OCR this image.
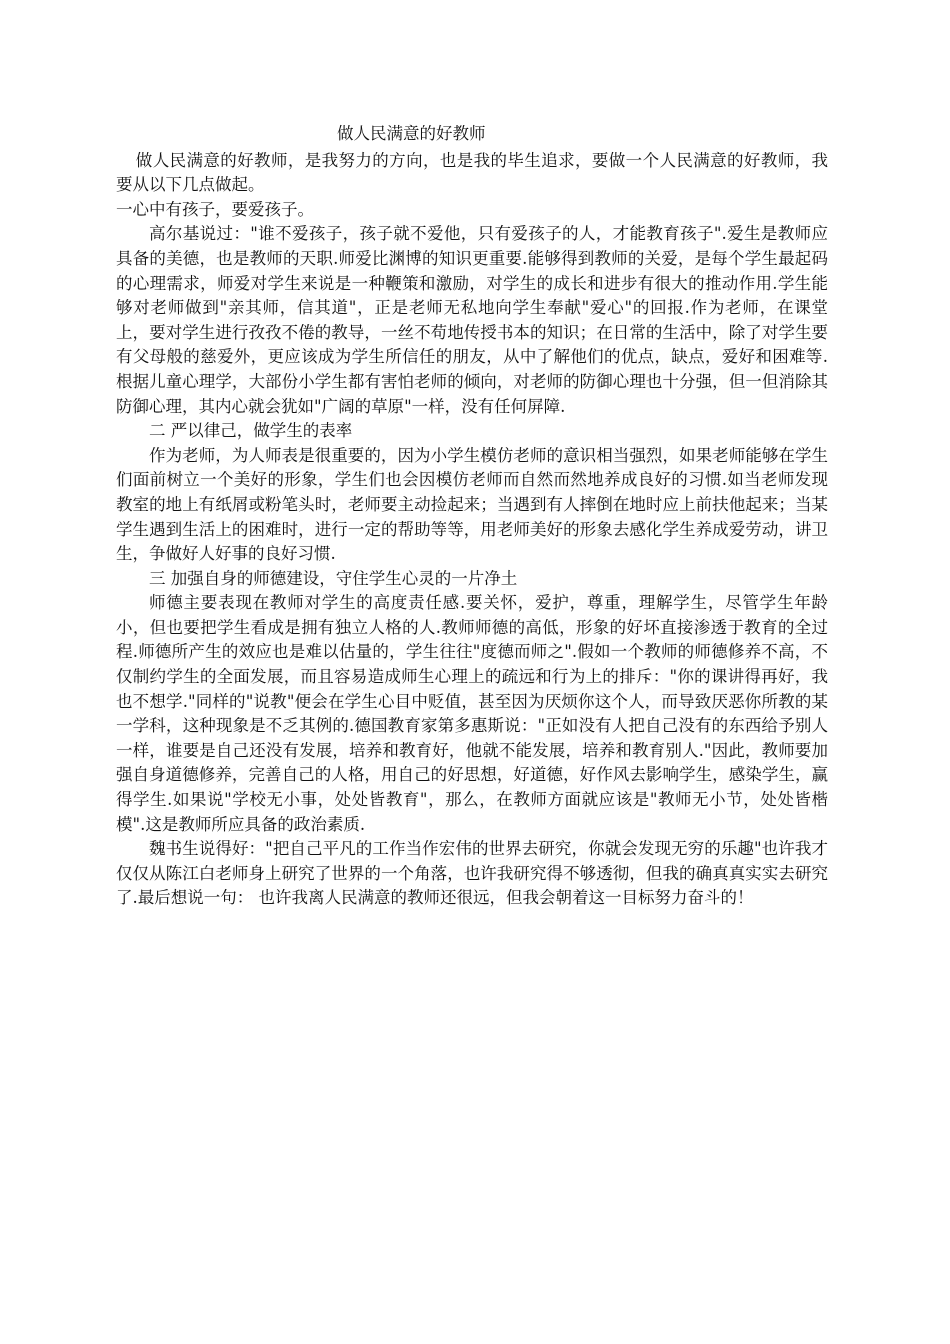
做人民满意的好教师

做人民满意的好教师，是我努力的方向，也是我的毕生追求，要做一个人民满意的好教师，我要从以下几点做起。

一心中有孩子，要爱孩子。

高尔基说过："谁不爱孩子，孩子就不爱他，只有爱孩子的人，才能教育孩子".爱生是教师应具备的美德，也是教师的天职.师爱比渊博的知识更重要.能够得到教师的关爱，是每个学生最起码的心理需求，师爱对学生来说是一种鞭策和激励，对学生的成长和进步有很大的推动作用.学生能够对老师做到"亲其师，信其道"，正是老师无私地向学生奉献"爱心"的回报.作为老师，在课堂上，要对学生进行孜孜不倦的教导，一丝不苟地传授书本的知识；在日常的生活中，除了对学生要有父母般的慈爱外，更应该成为学生所信任的朋友，从中了解他们的优点，缺点，爱好和困难等.根据儿童心理学，大部份小学生都有害怕老师的倾向，对老师的防御心理也十分强，但一但消除其防御心理，其内心就会犹如"广阔的草原"一样，没有任何屏障.

二 严以律己，做学生的表率

作为老师，为人师表是很重要的，因为小学生模仿老师的意识相当强烈，如果老师能够在学生们面前树立一个美好的形象，学生们也会因模仿老师而自然而然地养成良好的习惯.如当老师发现教室的地上有纸屑或粉笔头时，老师要主动捡起来；当遇到有人摔倒在地时应上前扶他起来；当某学生遇到生活上的困难时，进行一定的帮助等等，用老师美好的形象去感化学生养成爱劳动，讲卫生，争做好人好事的良好习惯.

三 加强自身的师德建设，守住学生心灵的一片净土

师德主要表现在教师对学生的高度责任感.要关怀，爱护，尊重，理解学生，尽管学生年龄小，但也要把学生看成是拥有独立人格的人.教师师德的高低，形象的好坏直接渗透于教育的全过程.师德所产生的效应也是难以估量的，学生往往"度德而师之".假如一个教师的师德修养不高，不仅制约学生的全面发展，而且容易造成师生心理上的疏远和行为上的排斥："你的课讲得再好，我也不想学."同样的"说教"便会在学生心目中贬值，甚至因为厌烦你这个人，而导致厌恶你所教的某一学科，这种现象是不乏其例的.德国教育家第多惠斯说："正如没有人把自己没有的东西给予别人一样，谁要是自己还没有发展，培养和教育好，他就不能发展，培养和教育别人."因此，教师要加强自身道德修养，完善自己的人格，用自己的好思想，好道德，好作风去影响学生，感染学生，赢得学生.如果说"学校无小事，处处皆教育"，那么，在教师方面就应该是"教师无小节，处处皆楷模".这是教师所应具备的政治素质.

魏书生说得好："把自己平凡的工作当作宏伟的世界去研究，你就会发现无穷的乐趣"也许我才仅仅从陈江白老师身上研究了世界的一个角落，也许我研究得不够透彻，但我的确真真实实去研究了.最后想说一句： 也许我离人民满意的教师还很远，但我会朝着这一目标努力奋斗的！
